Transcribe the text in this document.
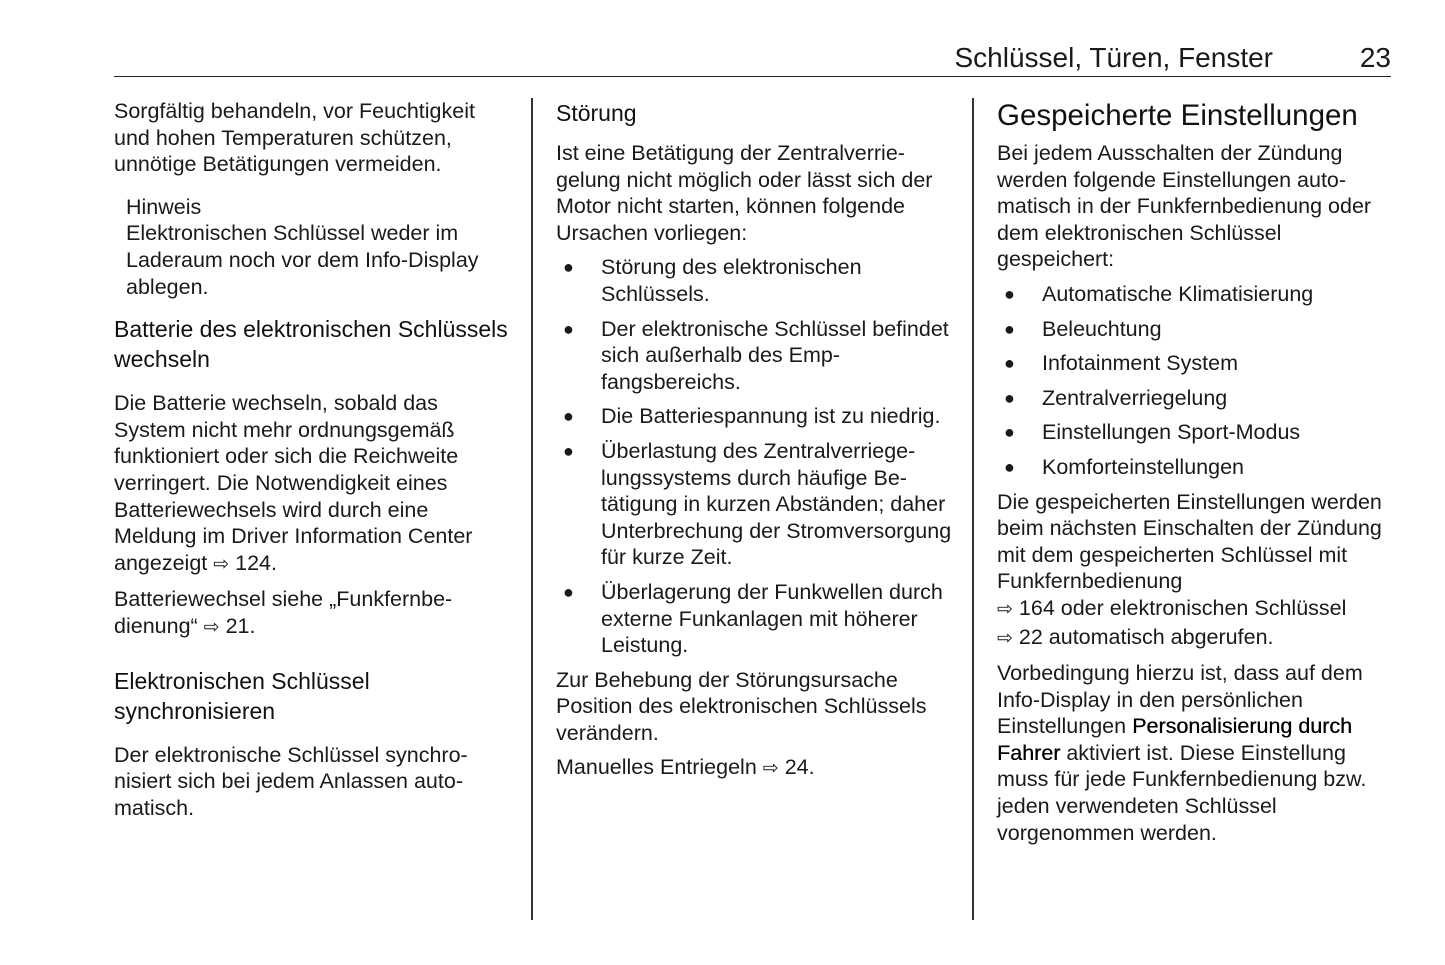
Schlüssel, Türen, Fenster	23

Sorgfältig behandeln, vor Feuchtigkeit und hohen Temperaturen schützen, unnötige Betätigungen vermeiden.

Hinweis
Elektronischen Schlüssel weder im Laderaum noch vor dem Info-Display ablegen.
Batterie des elektronischen Schlüssels wechseln

Die Batterie wechseln, sobald das System nicht mehr ordnungsgemäß funktioniert oder sich die Reichweite verringert. Die Notwendigkeit eines Batteriewechsels wird durch eine Meldung im Driver Information Center angezeigt ⇨ 124.

Batteriewechsel siehe „Funkfernbedienung“ ⇨ 21.

Elektronischen Schlüssel synchronisieren

Der elektronische Schlüssel synchronisiert sich bei jedem Anlassen automatisch.

Störung

Ist eine Betätigung der Zentralverriegelung nicht möglich oder lässt sich der Motor nicht starten, können folgende Ursachen vorliegen:

● Störung des elektronischen Schlüssels.
● Der elektronische Schlüssel befindet sich außerhalb des Empfangsbereichs.
● Die Batteriespannung ist zu niedrig.
● Überlastung des Zentralverriegelungssystems durch häufige Betätigung in kurzen Abständen; daher Unterbrechung der Stromversorgung für kurze Zeit.
● Überlagerung der Funkwellen durch externe Funkanlagen mit höherer Leistung.

Zur Behebung der Störungsursache Position des elektronischen Schlüssels verändern.

Manuelles Entriegeln ⇨ 24.

Gespeicherte Einstellungen

Bei jedem Ausschalten der Zündung werden folgende Einstellungen automatisch in der Funkfernbedienung oder dem elektronischen Schlüssel gespeichert:

● Automatische Klimatisierung
● Beleuchtung
● Infotainment System
● Zentralverriegelung
● Einstellungen Sport-Modus
● Komforteinstellungen

Die gespeicherten Einstellungen werden beim nächsten Einschalten der Zündung mit dem gespeicherten Schlüssel mit Funkfernbedienung
⇨ 164 oder elektronischen Schlüssel
⇨ 22 automatisch abgerufen.

Vorbedingung hierzu ist, dass auf dem Info-Display in den persönlichen Einstellungen Personalisierung durch Fahrer aktiviert ist. Diese Einstellung muss für jede Funkfernbedienung bzw. jeden verwendeten Schlüssel vorgenommen werden.
